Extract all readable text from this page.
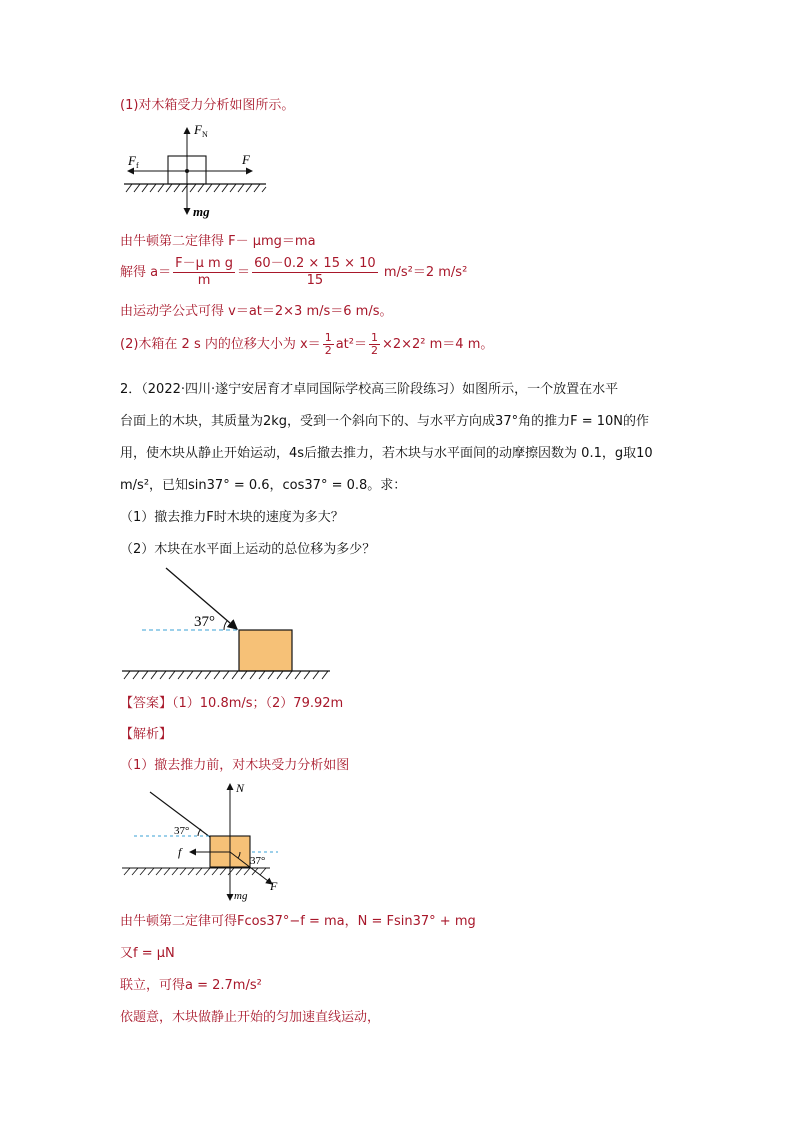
(1)对木箱受力分析如图所示。
$F_N$
$F_f$	F
mg
由牛顿第二定律得 F－ μmg＝ma
解得 $a= \frac{\text{F－μ m g}}{m} = \frac{60-0.2 \times 15 \times 10}{15} m/s^2=2$ m/s²
由运动学公式可得 v＝at＝2×3 m/s＝6 m/s。
(2)木箱在 2 s 内的位移大小为 $x= \frac{1}{2} at^2= \frac{1}{2} \times 2\times 2^2$ m＝4 m。
2．（2022·四川·遂宁安居育才卓同国际学校高三阶段练习）如图所示，一个放置在水平
台面上的木块，其质量为2kg，受到一个斜向下的、与水平方向成37°角的推力F = 10N的作
用，使木块从静止开始运动，4s后撤去推力，若木块与水平面间的动摩擦因数为 0.1，g取10
m/s²，已知sin37° = 0.6，cos37° = 0.8。求：
（1）撤去推力F时木块的速度为多大？
（2）木块在水平面上运动的总位移为多少？
37°
【答案】（1）10.8m/s；（2）79.92m
【解析】
（1）撤去推力前，对木块受力分析如图
37°
37°
N
f
F
mg
由牛顿第二定律可得Fcos37°−f = ma，N = Fsin37° + mg
又f = μN
联立，可得a = 2.7m/s²
依题意，木块做静止开始的匀加速直线运动，
